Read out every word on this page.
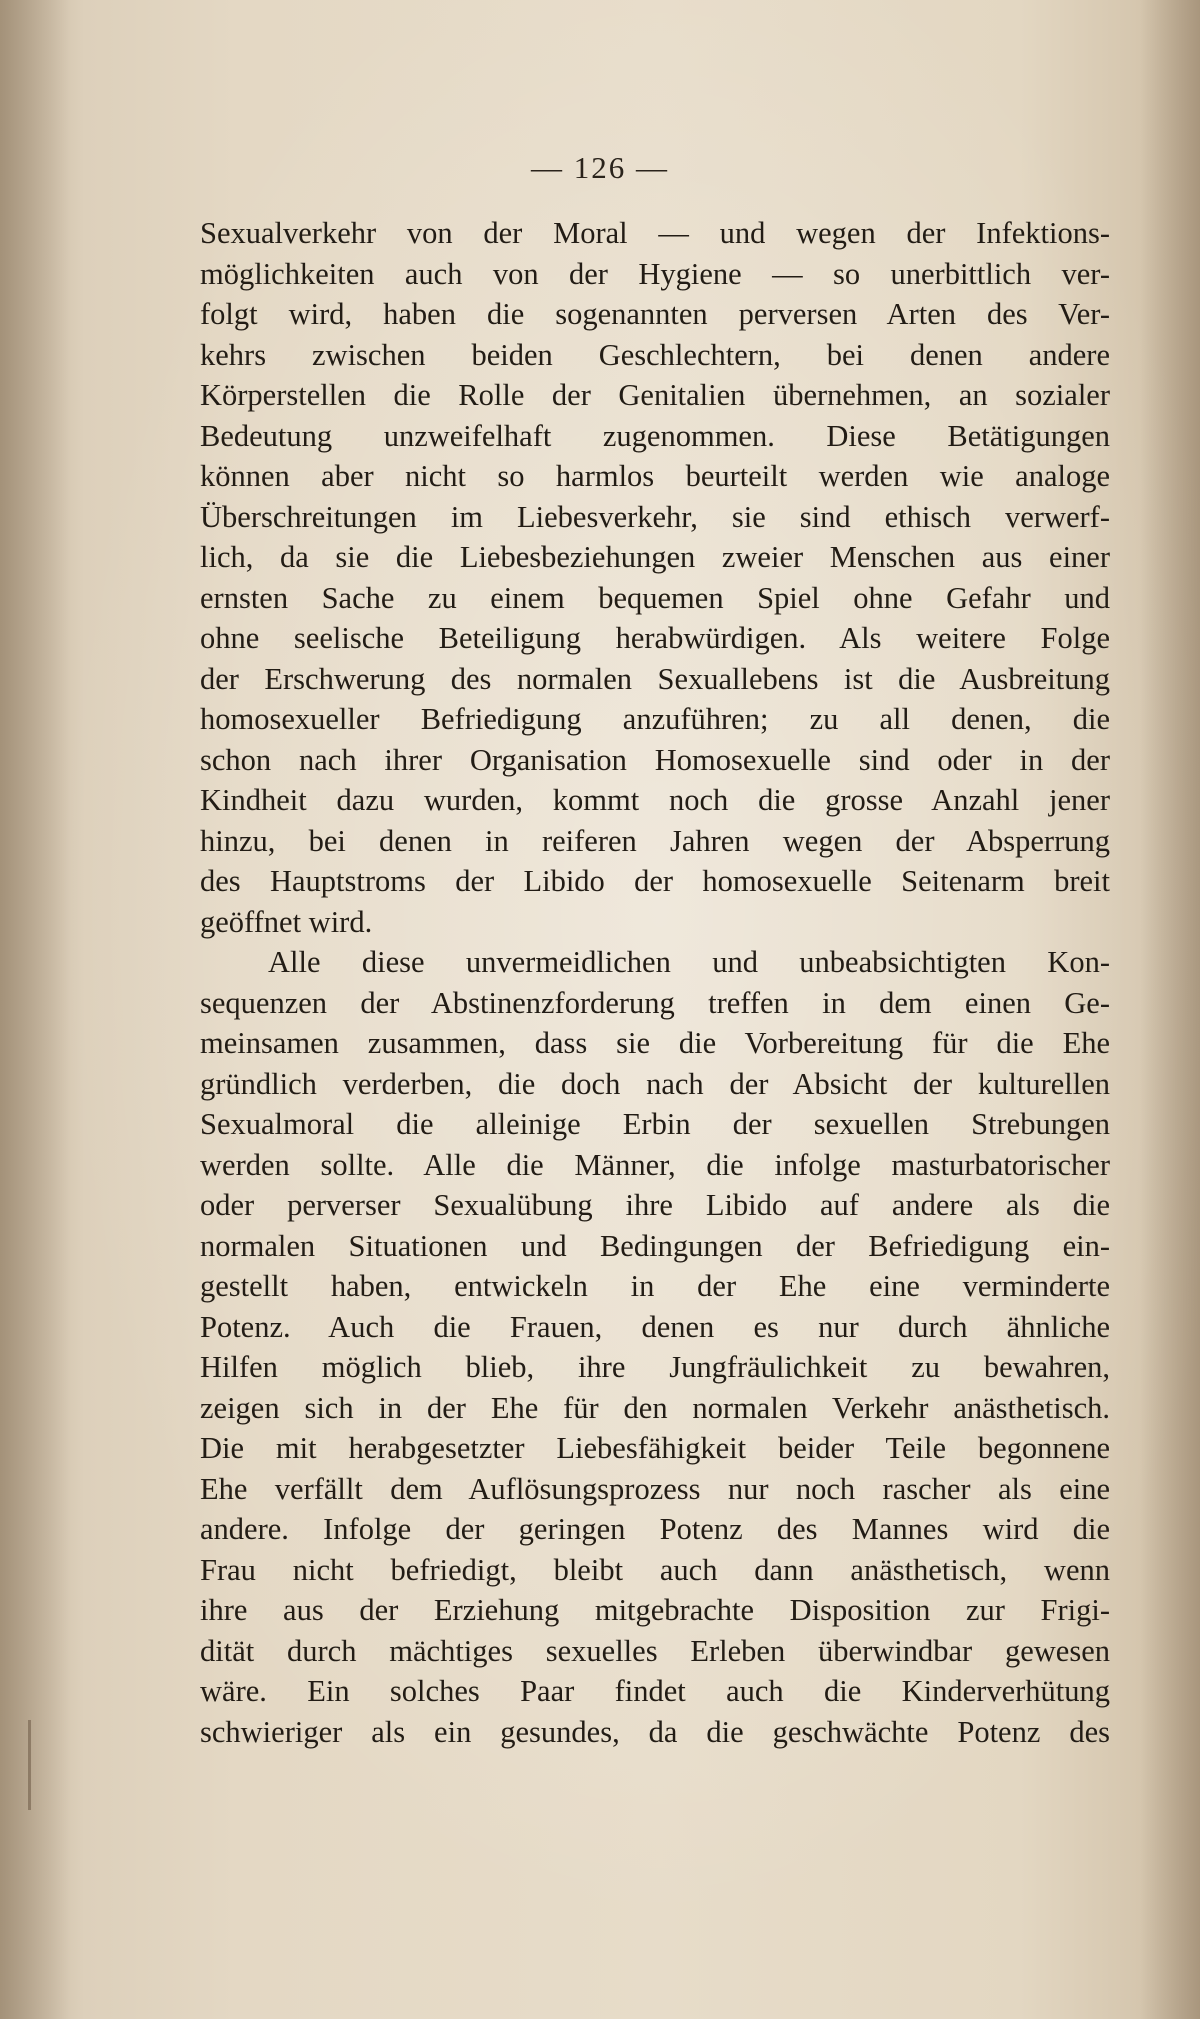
— 126 —
Sexualverkehr von der Moral — und wegen der Infektions-
möglichkeiten auch von der Hygiene — so unerbittlich ver-
folgt wird, haben die sogenannten perversen Arten des Ver-
kehrs zwischen beiden Geschlechtern, bei denen andere
Körperstellen die Rolle der Genitalien übernehmen, an sozialer
Bedeutung unzweifelhaft zugenommen. Diese Betätigungen
können aber nicht so harmlos beurteilt werden wie analoge
Überschreitungen im Liebesverkehr, sie sind ethisch verwerf-
lich, da sie die Liebesbeziehungen zweier Menschen aus einer
ernsten Sache zu einem bequemen Spiel ohne Gefahr und
ohne seelische Beteiligung herabwürdigen. Als weitere Folge
der Erschwerung des normalen Sexuallebens ist die Ausbreitung
homosexueller Befriedigung anzuführen; zu all denen, die
schon nach ihrer Organisation Homosexuelle sind oder in der
Kindheit dazu wurden, kommt noch die grosse Anzahl jener
hinzu, bei denen in reiferen Jahren wegen der Absperrung
des Hauptstroms der Libido der homosexuelle Seitenarm breit
geöffnet wird.
Alle diese unvermeidlichen und unbeabsichtigten Kon-
sequenzen der Abstinenzforderung treffen in dem einen Ge-
meinsamen zusammen, dass sie die Vorbereitung für die Ehe
gründlich verderben, die doch nach der Absicht der kulturellen
Sexualmoral die alleinige Erbin der sexuellen Strebungen
werden sollte. Alle die Männer, die infolge masturbatorischer
oder perverser Sexualübung ihre Libido auf andere als die
normalen Situationen und Bedingungen der Befriedigung ein-
gestellt haben, entwickeln in der Ehe eine verminderte
Potenz. Auch die Frauen, denen es nur durch ähnliche
Hilfen möglich blieb, ihre Jungfräulichkeit zu bewahren,
zeigen sich in der Ehe für den normalen Verkehr anästhetisch.
Die mit herabgesetzter Liebesfähigkeit beider Teile begonnene
Ehe verfällt dem Auflösungsprozess nur noch rascher als eine
andere. Infolge der geringen Potenz des Mannes wird die
Frau nicht befriedigt, bleibt auch dann anästhetisch, wenn
ihre aus der Erziehung mitgebrachte Disposition zur Frigi-
dität durch mächtiges sexuelles Erleben überwindbar gewesen
wäre. Ein solches Paar findet auch die Kinderverhütung
schwieriger als ein gesundes, da die geschwächte Potenz des
